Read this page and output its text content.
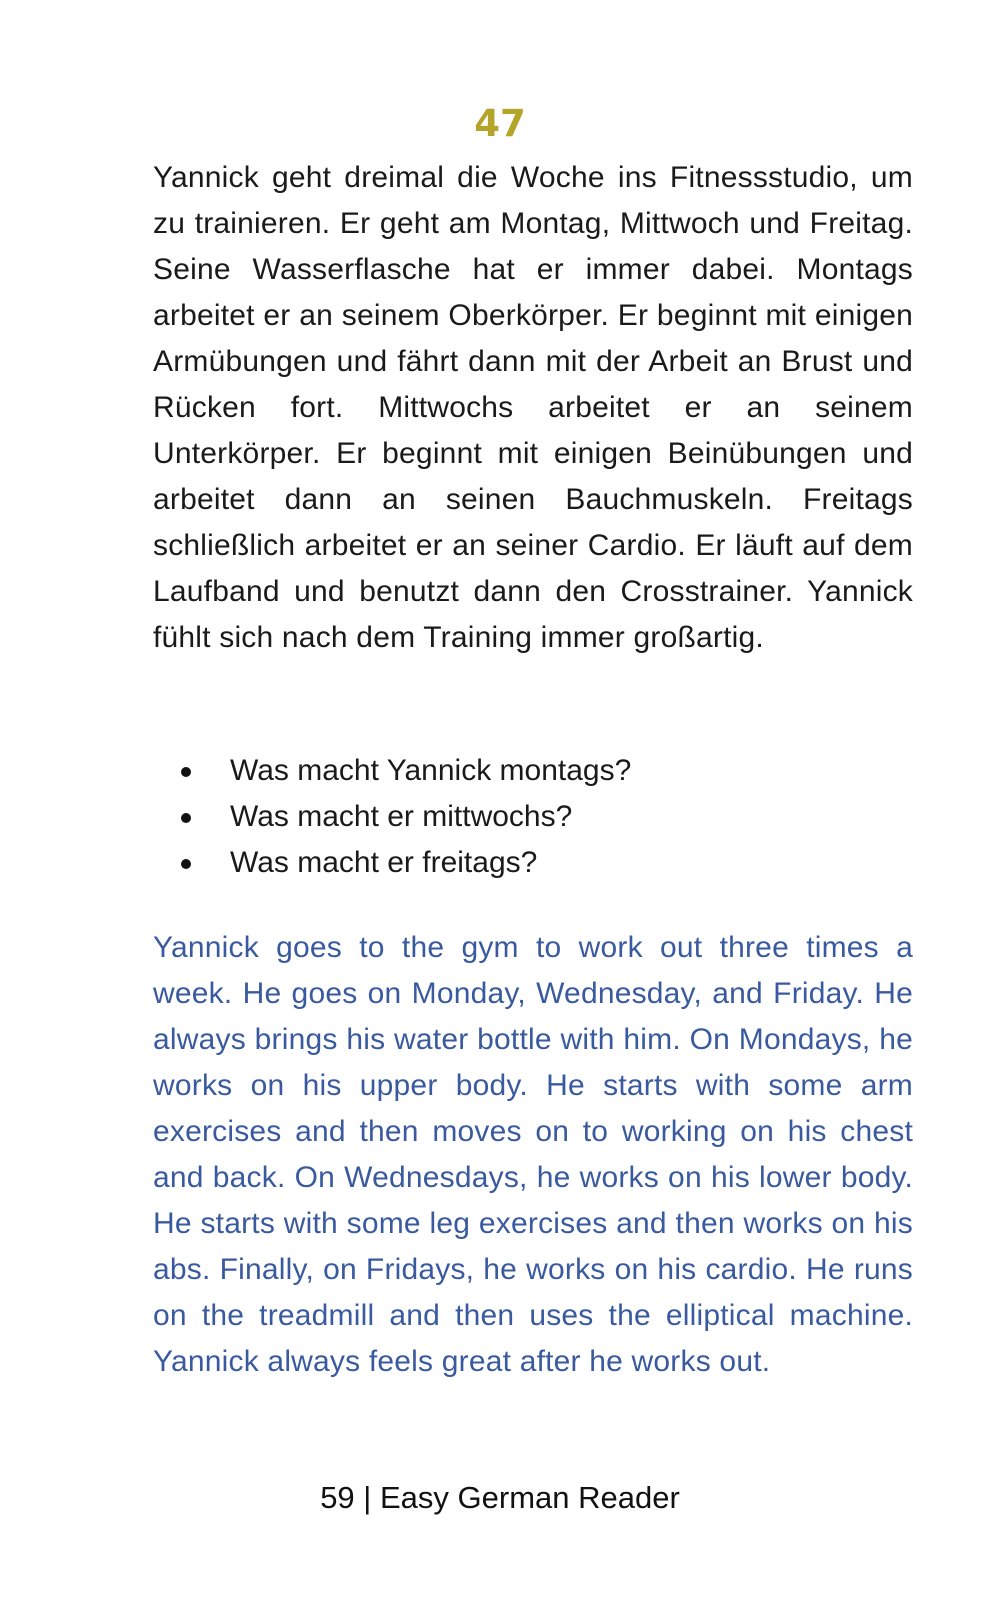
47

Yannick geht dreimal die Woche ins Fitnessstudio, um zu trainieren. Er geht am Montag, Mittwoch und Freitag. Seine Wasserflasche hat er immer dabei. Montags arbeitet er an seinem Oberkörper. Er beginnt mit einigen Armübungen und fährt dann mit der Arbeit an Brust und Rücken fort. Mittwochs arbeitet er an seinem Unterkörper. Er beginnt mit einigen Beinübungen und arbeitet dann an seinen Bauchmuskeln. Freitags schließlich arbeitet er an seiner Cardio. Er läuft auf dem Laufband und benutzt dann den Crosstrainer. Yannick fühlt sich nach dem Training immer großartig.

Was macht Yannick montags?
Was macht er mittwochs?
Was macht er freitags?

Yannick goes to the gym to work out three times a week. He goes on Monday, Wednesday, and Friday. He always brings his water bottle with him. On Mondays, he works on his upper body. He starts with some arm exercises and then moves on to working on his chest and back. On Wednesdays, he works on his lower body. He starts with some leg exercises and then works on his abs. Finally, on Fridays, he works on his cardio. He runs on the treadmill and then uses the elliptical machine. Yannick always feels great after he works out.

59 | Easy German Reader
